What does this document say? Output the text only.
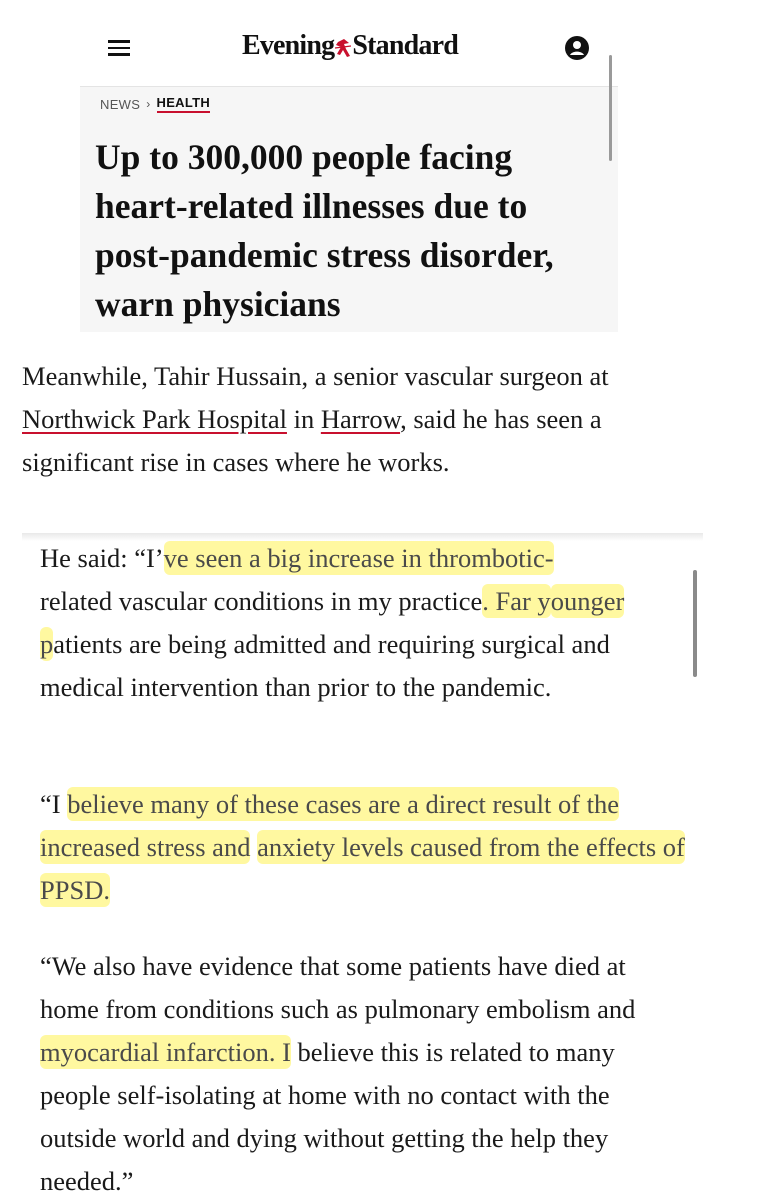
Evening Standard
NEWS › HEALTH
Up to 300,000 people facing heart-related illnesses due to post-pandemic stress disorder, warn physicians

Meanwhile, Tahir Hussain, a senior vascular surgeon at Northwick Park Hospital in Harrow, said he has seen a significant rise in cases where he works.

He said: “I’ve seen a big increase in thrombotic-
related vascular conditions in my practice. Far younger patients are being admitted and requiring surgical and medical intervention than prior to the pandemic.

“I believe many of these cases are a direct result of the increased stress and anxiety levels caused from the effects of PPSD.

“We also have evidence that some patients have died at home from conditions such as pulmonary embolism and myocardial infarction. I believe this is related to many people self-isolating at home with no contact with the outside world and dying without getting the help they needed.”
